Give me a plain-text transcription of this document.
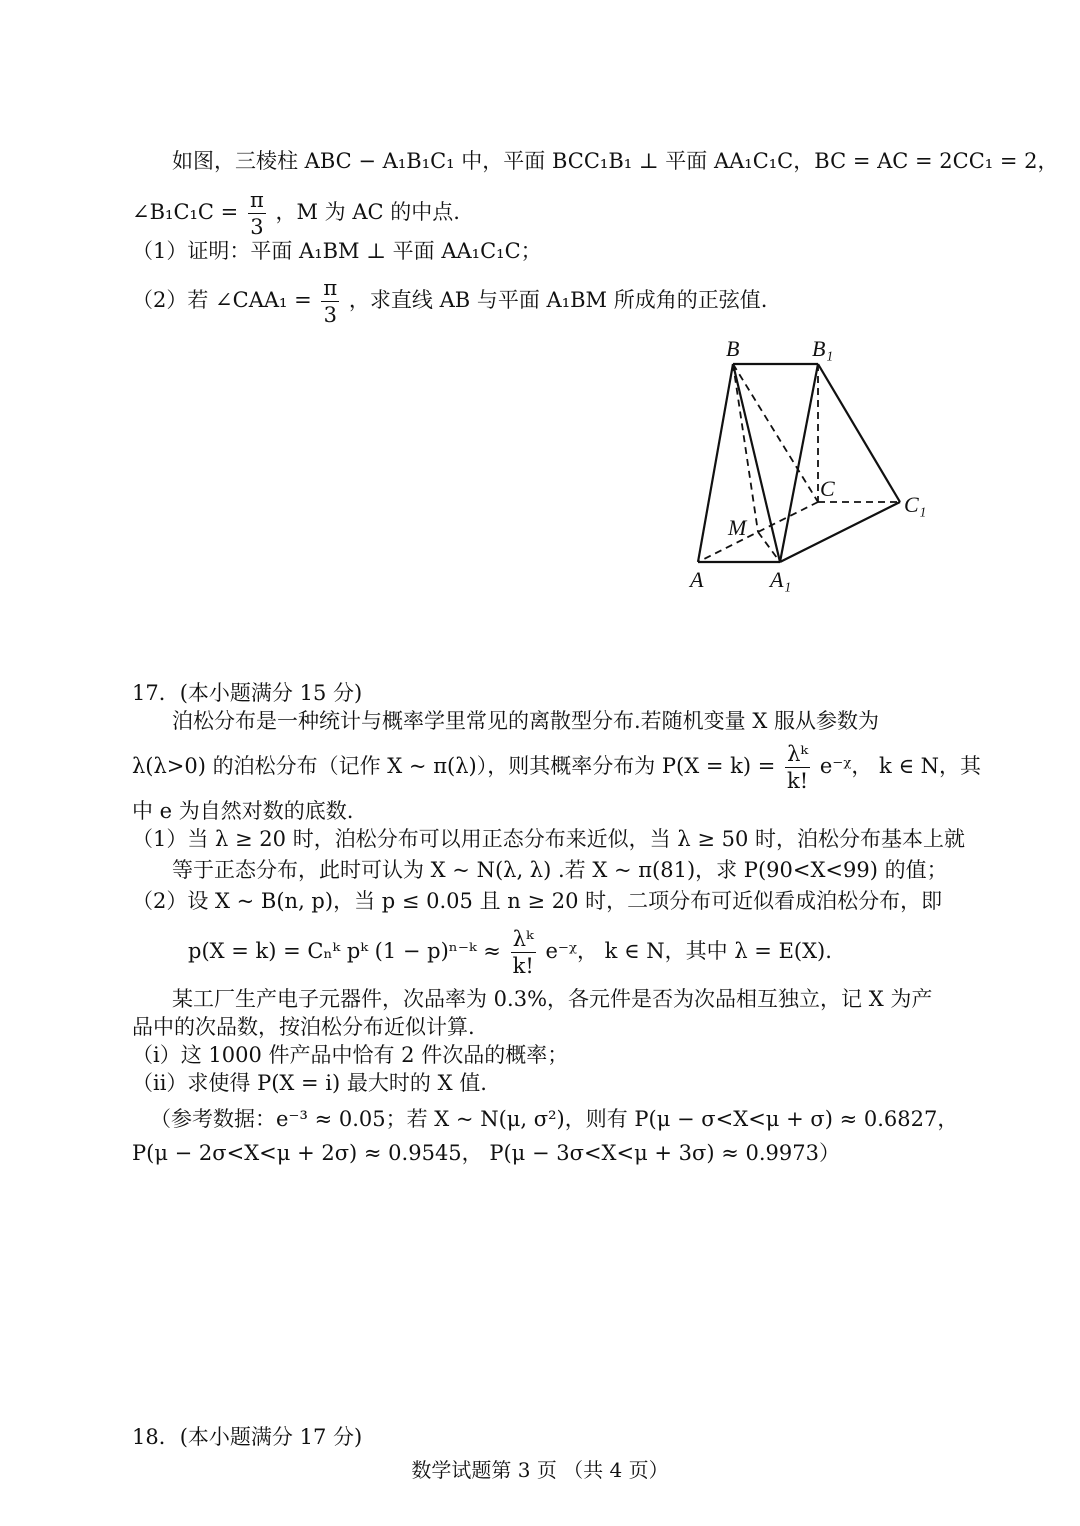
如图，三棱柱 ABC − A₁B₁C₁ 中，平面 BCC₁B₁ ⊥ 平面 AA₁C₁C，BC = AC = 2CC₁ = 2，
∠B₁C₁C = $\frac{\pi}{3}$ ，M 为 AC 的中点.
（1）证明：平面 A₁BM ⊥ 平面 AA₁C₁C；
（2）若 ∠CAA₁ = $\frac{\pi}{3}$ ，求直线 AB 与平面 A₁BM 所成角的正弦值.
B	B₁
C
C₁
M
A	A₁
17．(本小题满分 15 分)
泊松分布是一种统计与概率学里常见的离散型分布.若随机变量 X 服从参数为
λ(λ>0) 的泊松分布（记作 X ~ π(λ)），则其概率分布为 $P(X = k) = \frac{\text{λᵏ}}{k!}$ e⁻ᵡ， k ∈ N，其
中 e 为自然对数的底数.
（1）当 λ ≥ 20 时，泊松分布可以用正态分布来近似，当 λ ≥ 50 时，泊松分布基本上就
等于正态分布，此时可认为 X ~ N(λ, λ) .若 X ~ π(81)，求 P(90<X<99) 的值；
（2）设 X ~ B(n, p)，当 p ≤ 0.05 且 n ≥ 20 时，二项分布可近似看成泊松分布，即
p(X = k) = Cₙᵏ pᵏ (1 − p)ⁿ⁻ᵏ ≈ $\frac{\text{λᵏ}}{k!}$ e⁻ᵡ， k ∈ N，其中 λ = E(X).
某工厂生产电子元器件，次品率为 0.3%，各元件是否为次品相互独立，记 X 为产
品中的次品数，按泊松分布近似计算.
（i）这 1000 件产品中恰有 2 件次品的概率；
（ii）求使得 P(X = i) 最大时的 X 值.
（参考数据：e⁻³ ≈ 0.05；若 X ~ N(μ, σ²)，则有 P(μ − σ<X<μ + σ) ≈ 0.6827，
P(μ − 2σ<X<μ + 2σ) ≈ 0.9545， P(μ − 3σ<X<μ + 3σ) ≈ 0.9973）
18．(本小题满分 17 分)
数学试题第 3 页 （共 4 页）
